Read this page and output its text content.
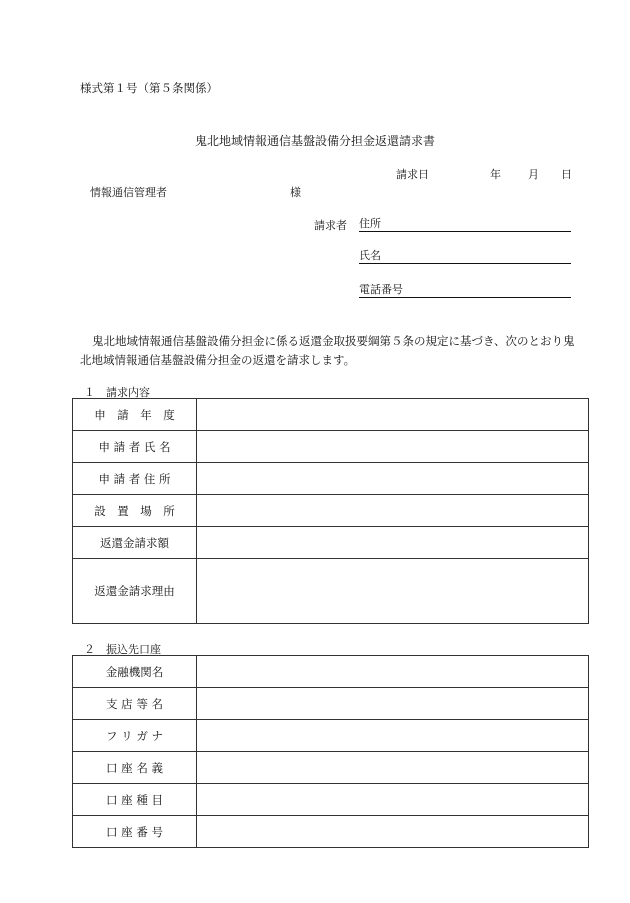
様式第１号（第５条関係）
鬼北地域情報通信基盤設備分担金返還請求書
請求日	年 月 日
情報通信管理者	様
請求者 住所
氏名
電話番号
鬼北地域情報通信基盤設備分担金に係る返還金取扱要綱第５条の規定に基づき、次のとおり鬼北地域情報通信基盤設備分担金の返還を請求します。
１　請求内容
申　請　年　度	
申 請 者 氏 名	
申 請 者 住 所	
設　置　場　所	
返還金請求額	
返還金請求理由	
２　振込先口座
金融機関名	
支 店 等 名	
フ リ ガ ナ	
口 座 名 義	
口 座 種 目	
口 座 番 号	
